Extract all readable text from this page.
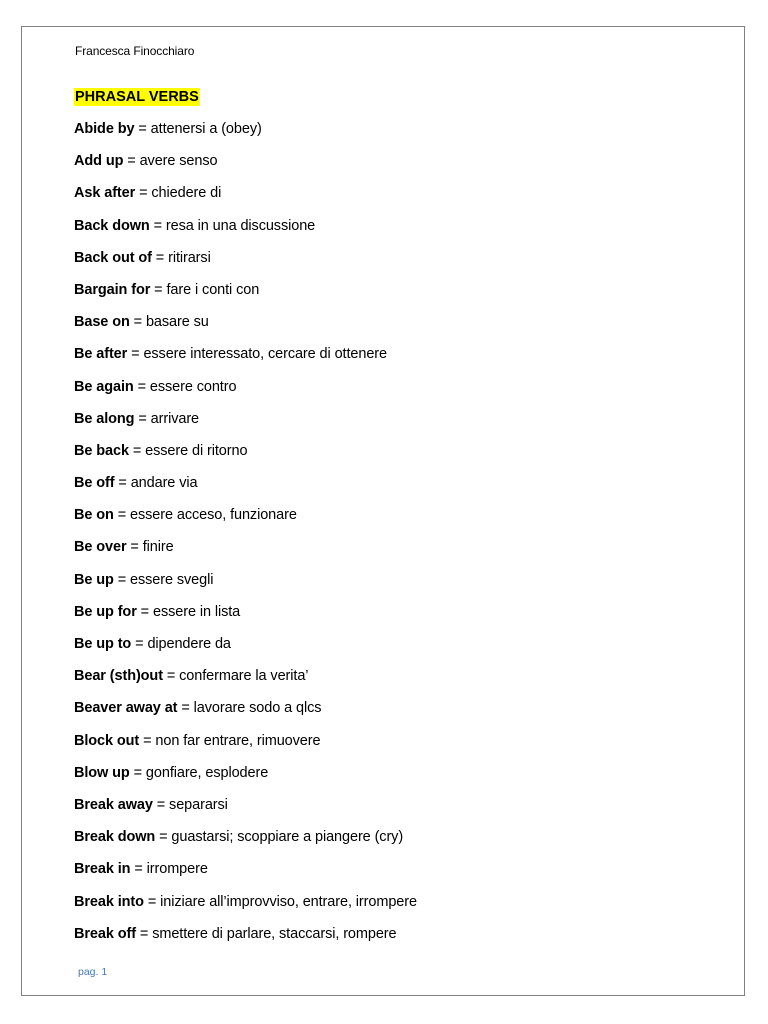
Francesca Finocchiaro
PHRASAL VERBS
Abide by = attenersi a (obey)
Add up = avere senso
Ask after = chiedere di
Back down = resa in una discussione
Back out of = ritirarsi
Bargain for = fare i conti con
Base on = basare su
Be after = essere interessato, cercare di ottenere
Be again = essere contro
Be along = arrivare
Be back = essere di ritorno
Be off = andare via
Be on = essere acceso, funzionare
Be over = finire
Be up = essere svegli
Be up for = essere in lista
Be up to = dipendere da
Bear (sth)out = confermare la verita’
Beaver away at = lavorare sodo a qlcs
Block out = non far entrare, rimuovere
Blow up = gonfiare, esplodere
Break away = separarsi
Break down = guastarsi; scoppiare a piangere (cry)
Break in = irrompere
Break into = iniziare all’improvviso, entrare, irrompere
Break off = smettere di parlare, staccarsi, rompere
pag. 1
